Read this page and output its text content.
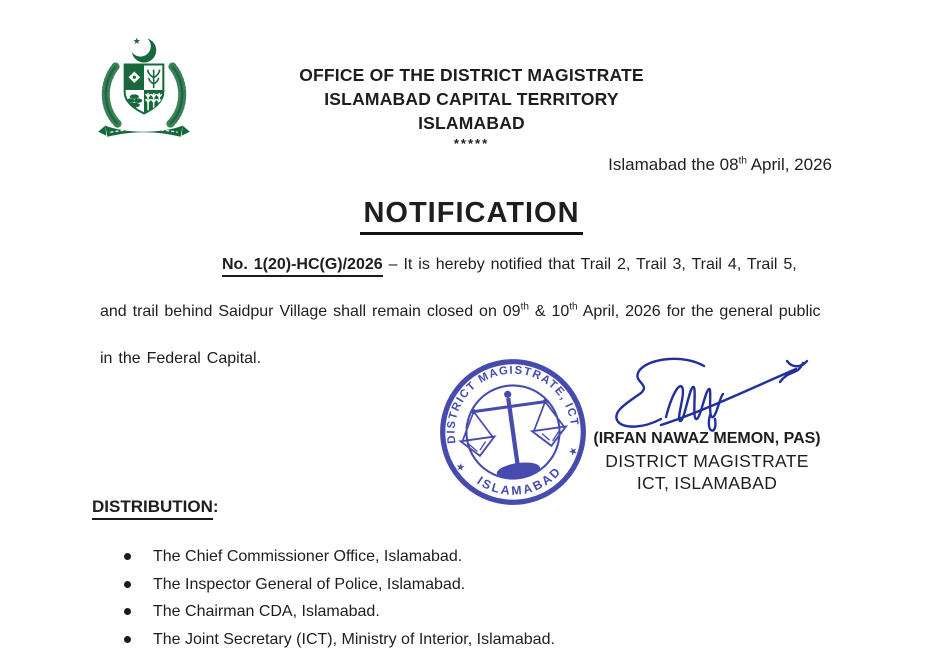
★
OFFICE OF THE DISTRICT MAGISTRATE
ISLAMABAD CAPITAL TERRITORY
ISLAMABAD
*****
Islamabad the 08th April, 2026
NOTIFICATION
No. 1(20)-HC(G)/2026 – It is hereby notified that Trail 2, Trail 3, Trail 4, Trail 5,
and trail behind Saidpur Village shall remain closed on 09th & 10th April, 2026 for the general public
in the Federal Capital.
DISTRICT MAGISTRATE, ICT
ISLAMABAD
★
★
(IRFAN NAWAZ MEMON, PAS)
DISTRICT MAGISTRATE
ICT, ISLAMABAD
DISTRIBUTION:
The Chief Commissioner Office, Islamabad.
The Inspector General of Police, Islamabad.
The Chairman CDA, Islamabad.
The Joint Secretary (ICT), Ministry of Interior, Islamabad.
